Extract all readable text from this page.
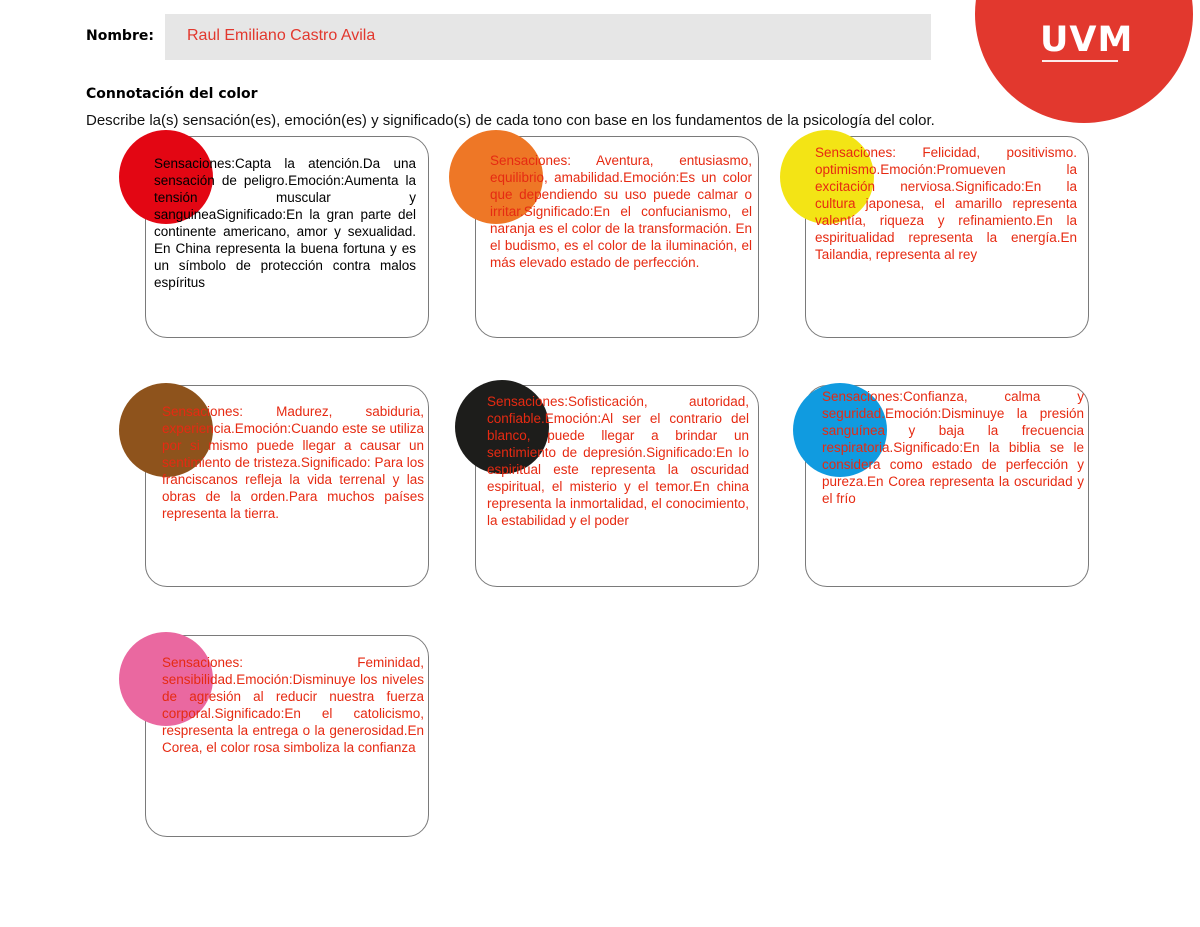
UVM
Nombre: Raul Emiliano Castro Avila
Connotación del color
Describe la(s) sensación(es), emoción(es) y significado(s) de cada tono con base en los fundamentos de la psicología del color.
Sensaciones:Capta la atención.Da una sensación de peligro.Emoción:Aumenta la tensión muscular y sanguineaSignificado:En la gran parte del continente americano, amor y sexualidad. En China representa la buena fortuna y es un símbolo de protección contra malos espíritus
Sensaciones: Aventura, entusiasmo, equilibrio, amabilidad.Emoción:Es un color que dependiendo su uso puede calmar o irritar.Significado:En el confucianismo, el naranja es el color de la transformación. En el budismo, es el color de la iluminación, el más elevado estado de perfección.
Sensaciones: Felicidad, positivismo. optimismo.Emoción:Promueven la excitación nerviosa.Significado:En la cultura japonesa, el amarillo representa valentía, riqueza y refinamiento.En la espiritualidad representa la energía.En Tailandia, representa al rey
Sensaciones: Madurez, sabiduria, experiencia.Emoción:Cuando este se utiliza por si mismo puede llegar a causar un sentimiento de tristeza.Significado: Para los franciscanos refleja la vida terrenal y las obras de la orden.Para muchos países representa la tierra.
Sensaciones:Sofisticación, autoridad, confiable.Emoción:Al ser el contrario del blanco, puede llegar a brindar un sentimiento de depresión.Significado:En lo espiritual este representa la oscuridad espiritual, el misterio y el temor.En china representa la inmortalidad, el conocimiento, la estabilidad y el poder
Sensaciones:Confianza, calma y seguridad.Emoción:Disminuye la presión sanguínea y baja la frecuencia respiratoria.Significado:En la biblia se le considera como estado de perfección y pureza.En Corea representa la oscuridad y el frío
Sensaciones: Feminidad, sensibilidad.Emoción:Disminuye los niveles de agresión al reducir nuestra fuerza corporal.Significado:En el catolicismo, respresenta la entrega o la generosidad.En Corea, el color rosa simboliza la confianza
